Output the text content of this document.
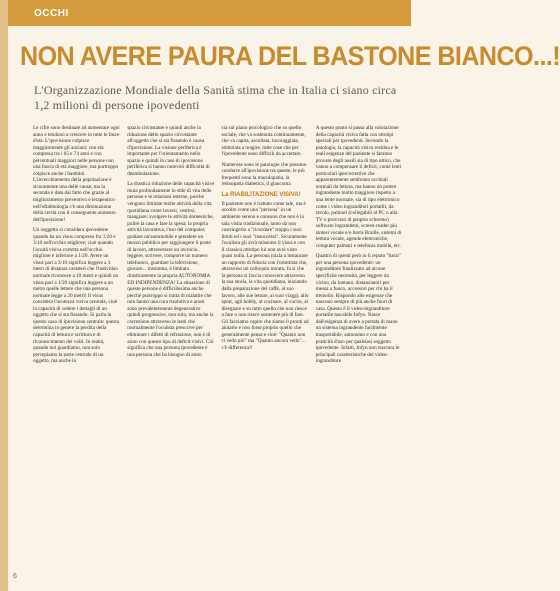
OCCHI
NON AVERE PAURA DEL BASTONE BIANCO...!
L'Organizzazione Mondiale della Sanità stima che in Italia ci siano circa 1,2 milioni di persone ipovedenti

Le cifre sono destinate ad aumentare ogni anno e tendono a crescere in tutte le fasce d'età. L'ipovisione colpisce maggiormente gli anziani: con età compresa tra i 65 e 74 anni e con percentuali maggiori nelle persone con una fascia di età maggiore, ma purtroppo colpisce anche i bambini. L'invecchiamento della popolazione è sicuramente una delle cause, ma la seconda è data dal fatto che grazie al miglioramento preventivo e terapeutico nell'oftalmologia c'è una diminuzione della cecità con il conseguente aumento dell'ipovisione!

Un soggetto si considera ipovedente quando ha un visus compreso fra 1/20 e 3/10 nell'occhio migliore; cioè quando l'acuità visiva corretta nell'occhio migliore è inferiore a 1/20. Avere un visus pari a 3/10 significa leggere a 3 metri di distanza caratteri che l'individuo normale riconosce a 10 metri e quindi un visus pari a 1/20 significa leggere a un metro quelle lettere che una persona normale legge a 20 metri! Il visus considera l'acutezza visiva centrale, cioè la capacità di vedere i dettagli di un oggetto che si sta fissando. Si parla in questo caso di ipovisione centrale: questa determina in genere la perdita della capacità di lettura e scrittura e di riconoscimento dei volti. In realtà, quando noi guardiamo, non solo percepiamo la parte centrale di un oggetto, ma anche lo

spazio circostante e quindi anche la riduzione dello spazio circostante all'oggetto che si sta fissando è causa d'ipovisione. La visione periferica è importante per l'orientamento nello spazio e quindi in caso di ipovisione periferica si hanno notevoli difficoltà di deambulazione.

La drastica riduzione delle capacità visive muta profondamente lo stile di vita delle persone e le relazioni esterne, poiché vengono limitate molte attività della vita quotidiana come lavarsi, vestirsi, mangiare; svolgere le attività domestiche, pulire la casa e fare la spesa; la propria attività lavorativa, l'uso del computer, guidare un'automobile e prendere un mezzo pubblico per raggiungere il posto di lavoro, attraversare un incrocio, leggere, scrivere, comporre un numero telefonico, guardare la televisione, giocare... insomma, è limitata drasticamente la propria AUTONOMIA ED INDIPENDENZA! La situazione di queste persone è difficilissima anche perché purtroppo si tratta di malattie che non hanno una cura risolutiva e aroni sono prevalentemente degenerative quindi progressive, non solo, ma anche la correzione attraverso le lenti che normalmente l'oculista prescrive per eliminare i difetti di refrazione, non è di aiuto con questo tipo di deficit visivi. Ciò significa che una persona ipovedente è una persona che ha bisogno di aiuto

sia sul piano psicologico che su quello sociale, che va sostenuta continuamente, che va capita, ascoltata, incoraggiata, stimolata a reagire, tutte cose che per l'ipovedente sono difficili da accettare.

Numerose sono le patologie che possono condurre all'ipovisione tra queste, le più frequenti sono la maculopatia, la retinopatia diabetica, il glaucoma

La RIABILITAZIONE VISIVA!

Il paziente non è trattato come tale, ma è accolto come una "persona" in un ambiente sereno e consono che non è la sala visita tradizionale, tanto da non costringerlo a "ricordare" troppo i suoi limiti ed i suoi "insuccessi". Sicuramente l'oculista gli avrà misurato il visus e con il classico ottotipo lui non avrà visto quasi nulla. La persona inizia a instaurare un rapporto di fiducia con l'ortottista che, attraverso un colloquio mirato, fa sì che la persona si faccia conoscere attraverso la sua storia, la vita quotidiana, iniziando dalla preparazione del caffè, al suo lavoro, alle sue letture, ai suoi viaggi, allo sport, agli hobby, al cucinare, al cucire, al disegnare e su tutto quello che non riesce a fare o non riesce sostenere più di fare. Gli facciamo capire che siamo lì pronti ad aiutarlo e non forse proprio quello che generalmente pensa e cioè: "Quanto non ci vedo più" ma "Quanto ancora vedo"... c'è differenza!!

A questo punto si passa alla valutazione della capacità visiva fatta con ottotipi speciali per ipovedenti. Secondo la patologia, la capacità visiva residua e le reali esigenze del paziente si faranno provare degli ausili sia di tipo ottico, che vanno a compensare il deficit, come lenti particolari ipercorrettive che apparentemente sembrano occhiali normali da lettura, ma hanno un potere ingrandente molto maggiore rispetto a una lente normale, sia di tipo elettronico come i video ingranditori portatili, da tavolo, palmari (collegabili al PC o alla TV o provvisti di proprio schermo) software ingrandenti, screen-reader più sintesi vocale e/o barra Braille, sistemi di lettura vocale, agende elettroniche, computer palmari e telefonia mobile, etc.

Quattro di questi però io li reputo "basic" per una persona ipovedente: un ingranditore finalizzato ad alcune specifiche necessità, per leggere da vicino, da lontano, distanziatori per messa a fuoco, accessori per chi ha il tremolio. Rispondo alle esigenze che nascono sempre di più anche fuori di casa. Questo è il video-ingranditore portatile tascabile Infyn. Nasce dall'esigenza di avere a portata di mano un sistema ingrandente facilmente trasportabile, autonomo e con una praticità d'uso per qualsiasi soggetto ipovedente. Infatti, Infyn non trascura le principali caratteristiche del video-ingranditore

6
